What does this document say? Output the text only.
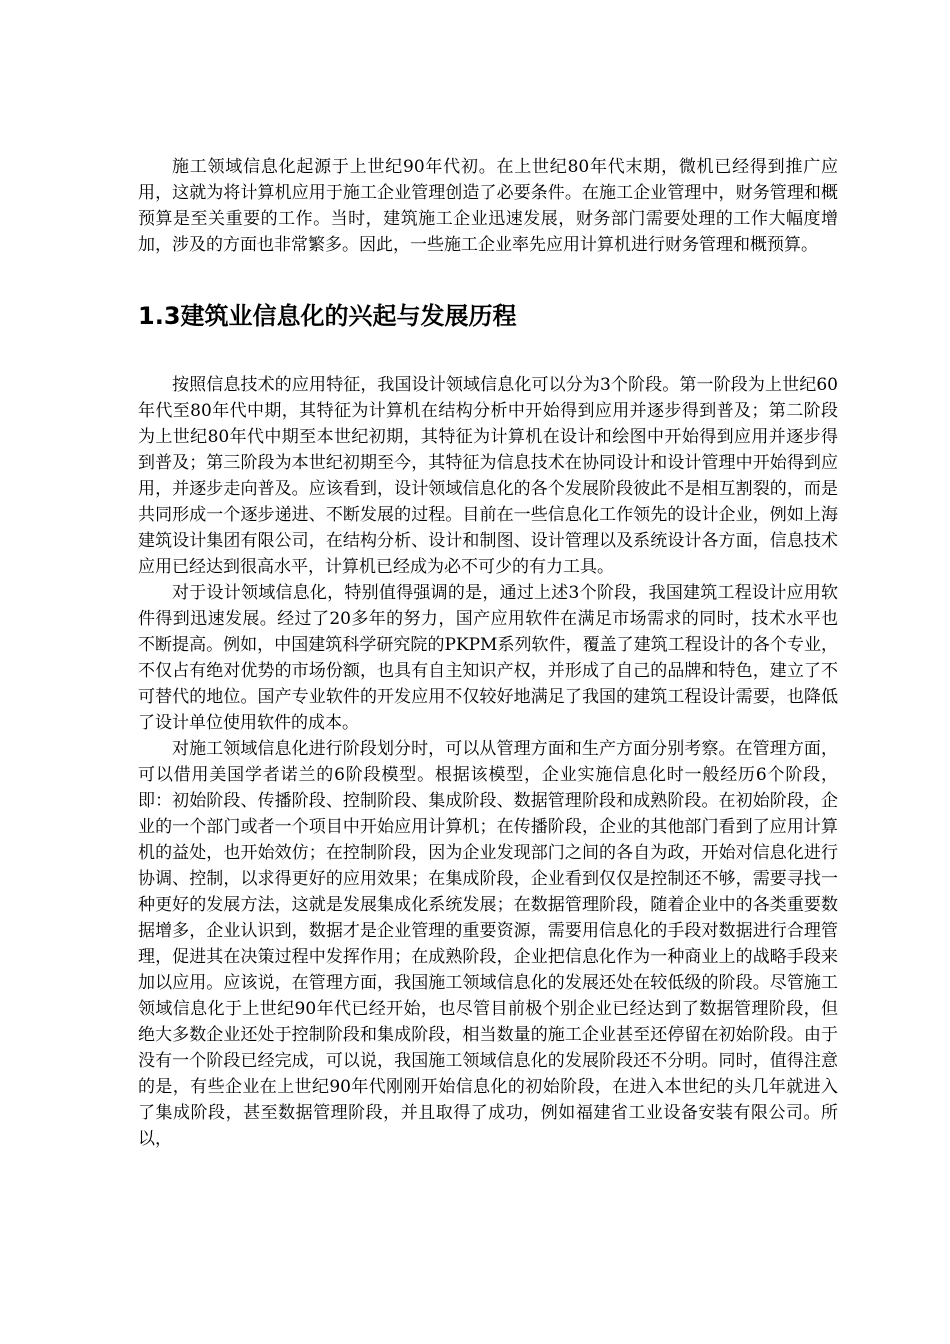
施工领域信息化起源于上世纪90年代初。在上世纪80年代末期，微机已经得到推广应用，这就为将计算机应用于施工企业管理创造了必要条件。在施工企业管理中，财务管理和概预算是至关重要的工作。当时，建筑施工企业迅速发展，财务部门需要处理的工作大幅度增加，涉及的方面也非常繁多。因此，一些施工企业率先应用计算机进行财务管理和概预算。

1.3建筑业信息化的兴起与发展历程

按照信息技术的应用特征，我国设计领域信息化可以分为3个阶段。第一阶段为上世纪60年代至80年代中期，其特征为计算机在结构分析中开始得到应用并逐步得到普及；第二阶段为上世纪80年代中期至本世纪初期，其特征为计算机在设计和绘图中开始得到应用并逐步得到普及；第三阶段为本世纪初期至今，其特征为信息技术在协同设计和设计管理中开始得到应用，并逐步走向普及。应该看到，设计领域信息化的各个发展阶段彼此不是相互割裂的，而是共同形成一个逐步递进、不断发展的过程。目前在一些信息化工作领先的设计企业，例如上海建筑设计集团有限公司，在结构分析、设计和制图、设计管理以及系统设计各方面，信息技术应用已经达到很高水平，计算机已经成为必不可少的有力工具。

对于设计领域信息化，特别值得强调的是，通过上述3个阶段，我国建筑工程设计应用软件得到迅速发展。经过了20多年的努力，国产应用软件在满足市场需求的同时，技术水平也不断提高。例如，中国建筑科学研究院的PKPM系列软件，覆盖了建筑工程设计的各个专业，不仅占有绝对优势的市场份额，也具有自主知识产权，并形成了自己的品牌和特色，建立了不可替代的地位。国产专业软件的开发应用不仅较好地满足了我国的建筑工程设计需要，也降低了设计单位使用软件的成本。

对施工领域信息化进行阶段划分时，可以从管理方面和生产方面分别考察。在管理方面，可以借用美国学者诺兰的6阶段模型。根据该模型，企业实施信息化时一般经历6个阶段，即：初始阶段、传播阶段、控制阶段、集成阶段、数据管理阶段和成熟阶段。在初始阶段，企业的一个部门或者一个项目中开始应用计算机；在传播阶段，企业的其他部门看到了应用计算机的益处，也开始效仿；在控制阶段，因为企业发现部门之间的各自为政，开始对信息化进行协调、控制，以求得更好的应用效果；在集成阶段，企业看到仅仅是控制还不够，需要寻找一种更好的发展方法，这就是发展集成化系统发展；在数据管理阶段，随着企业中的各类重要数据增多，企业认识到，数据才是企业管理的重要资源，需要用信息化的手段对数据进行合理管理，促进其在决策过程中发挥作用；在成熟阶段，企业把信息化作为一种商业上的战略手段来加以应用。应该说，在管理方面，我国施工领域信息化的发展还处在较低级的阶段。尽管施工领域信息化于上世纪90年代已经开始，也尽管目前极个别企业已经达到了数据管理阶段，但绝大多数企业还处于控制阶段和集成阶段，相当数量的施工企业甚至还停留在初始阶段。由于没有一个阶段已经完成，可以说，我国施工领域信息化的发展阶段还不分明。同时，值得注意的是，有些企业在上世纪90年代刚刚开始信息化的初始阶段，在进入本世纪的头几年就进入了集成阶段，甚至数据管理阶段，并且取得了成功，例如福建省工业设备安装有限公司。所以，
